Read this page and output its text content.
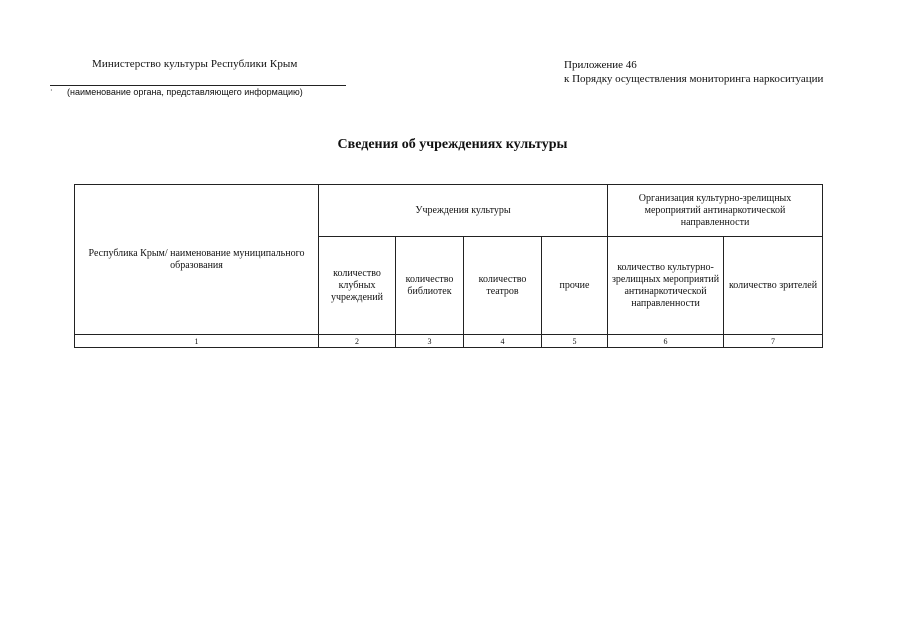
Министерство культуры Республики Крым
· (наименование органа, представляющего информацию)
Приложение 46
к Порядку осуществления мониторинга наркоситуации
Сведения об учреждениях культуры
Республика Крым/ наименование муниципального образования	Учреждения культуры				Организация культурно-зрелищных мероприятий антинаркотической направленности	
	количество клубных учреждений	количество библиотек	количество театров	прочие	количество культурно-зрелищных мероприятий антинаркотической направленности	количество зрителей
1	2	3	4	5	6	7
